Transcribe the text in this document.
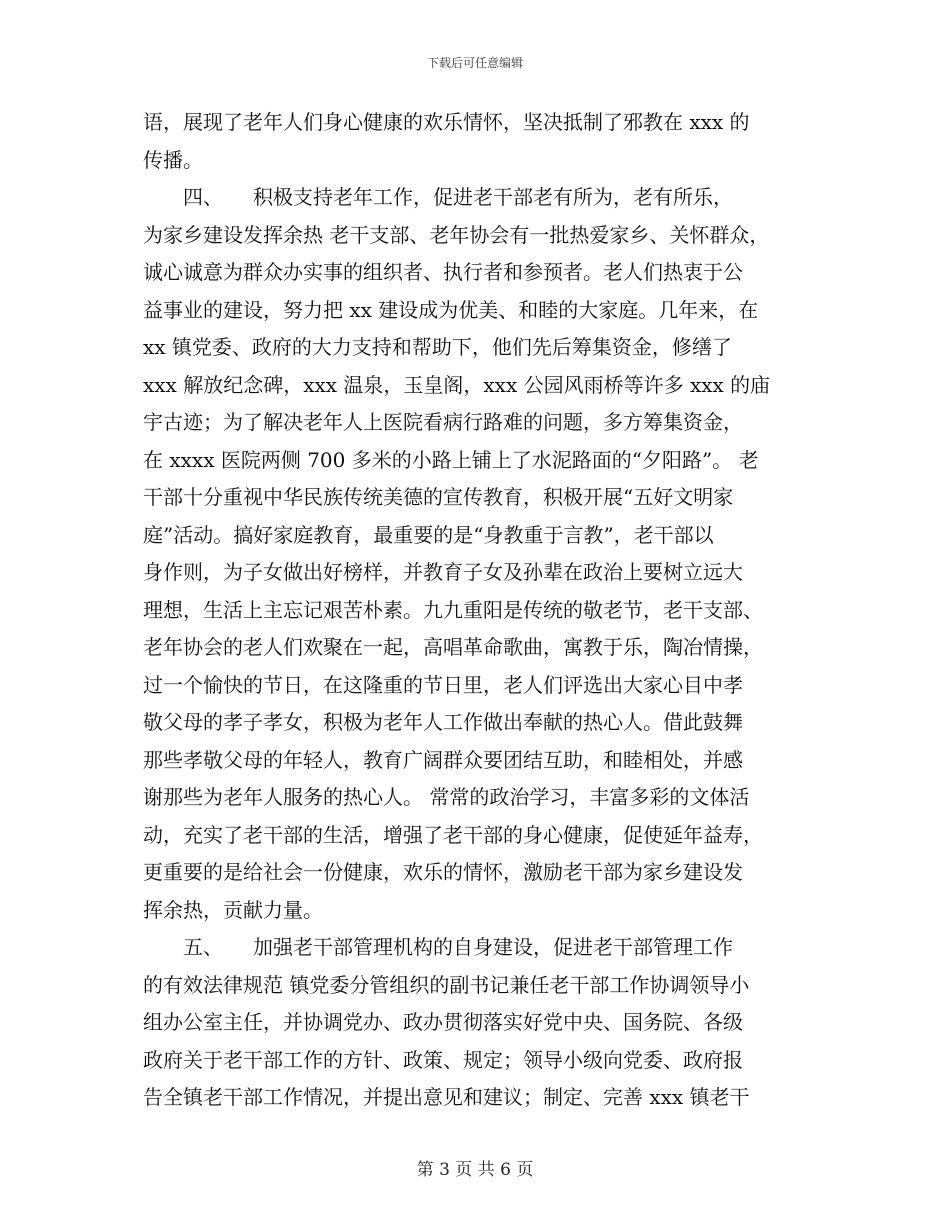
下载后可任意编辑
语，展现了老年人们身心健康的欢乐情怀，坚决抵制了邪教在 xxx 的
传播。
　　四、　　积极支持老年工作，促进老干部老有所为，老有所乐，
为家乡建设发挥余热 老干支部、老年协会有一批热爱家乡、关怀群众，
诚心诚意为群众办实事的组织者、执行者和参预者。老人们热衷于公
益事业的建设，努力把 xx 建设成为优美、和睦的大家庭。几年来，在
xx 镇党委、政府的大力支持和帮助下，他们先后筹集资金，修缮了
xxx 解放纪念碑，xxx 温泉，玉皇阁，xxx 公园风雨桥等许多 xxx 的庙
宇古迹；为了解决老年人上医院看病行路难的问题，多方筹集资金，
在 xxxx 医院两侧 700 多米的小路上铺上了水泥路面的“夕阳路”。 老
干部十分重视中华民族传统美德的宣传教育，积极开展“五好文明家
庭”活动。搞好家庭教育，最重要的是“身教重于言教”，老干部以
身作则，为子女做出好榜样，并教育子女及孙辈在政治上要树立远大
理想，生活上主忘记艰苦朴素。九九重阳是传统的敬老节，老干支部、
老年协会的老人们欢聚在一起，高唱革命歌曲，寓教于乐，陶冶情操，
过一个愉快的节日，在这隆重的节日里，老人们评选出大家心目中孝
敬父母的孝子孝女，积极为老年人工作做出奉献的热心人。借此鼓舞
那些孝敬父母的年轻人，教育广阔群众要团结互助，和睦相处，并感
谢那些为老年人服务的热心人。 常常的政治学习，丰富多彩的文体活
动，充实了老干部的生活，增强了老干部的身心健康，促使延年益寿，
更重要的是给社会一份健康，欢乐的情怀，激励老干部为家乡建设发
挥余热，贡献力量。
　　五、　　加强老干部管理机构的自身建设，促进老干部管理工作
的有效法律规范 镇党委分管组织的副书记兼任老干部工作协调领导小
组办公室主任，并协调党办、政办贯彻落实好党中央、国务院、各级
政府关于老干部工作的方针、政策、规定；领导小级向党委、政府报
告全镇老干部工作情况，并提出意见和建议；制定、完善 xxx 镇老干
第 3 页 共 6 页
